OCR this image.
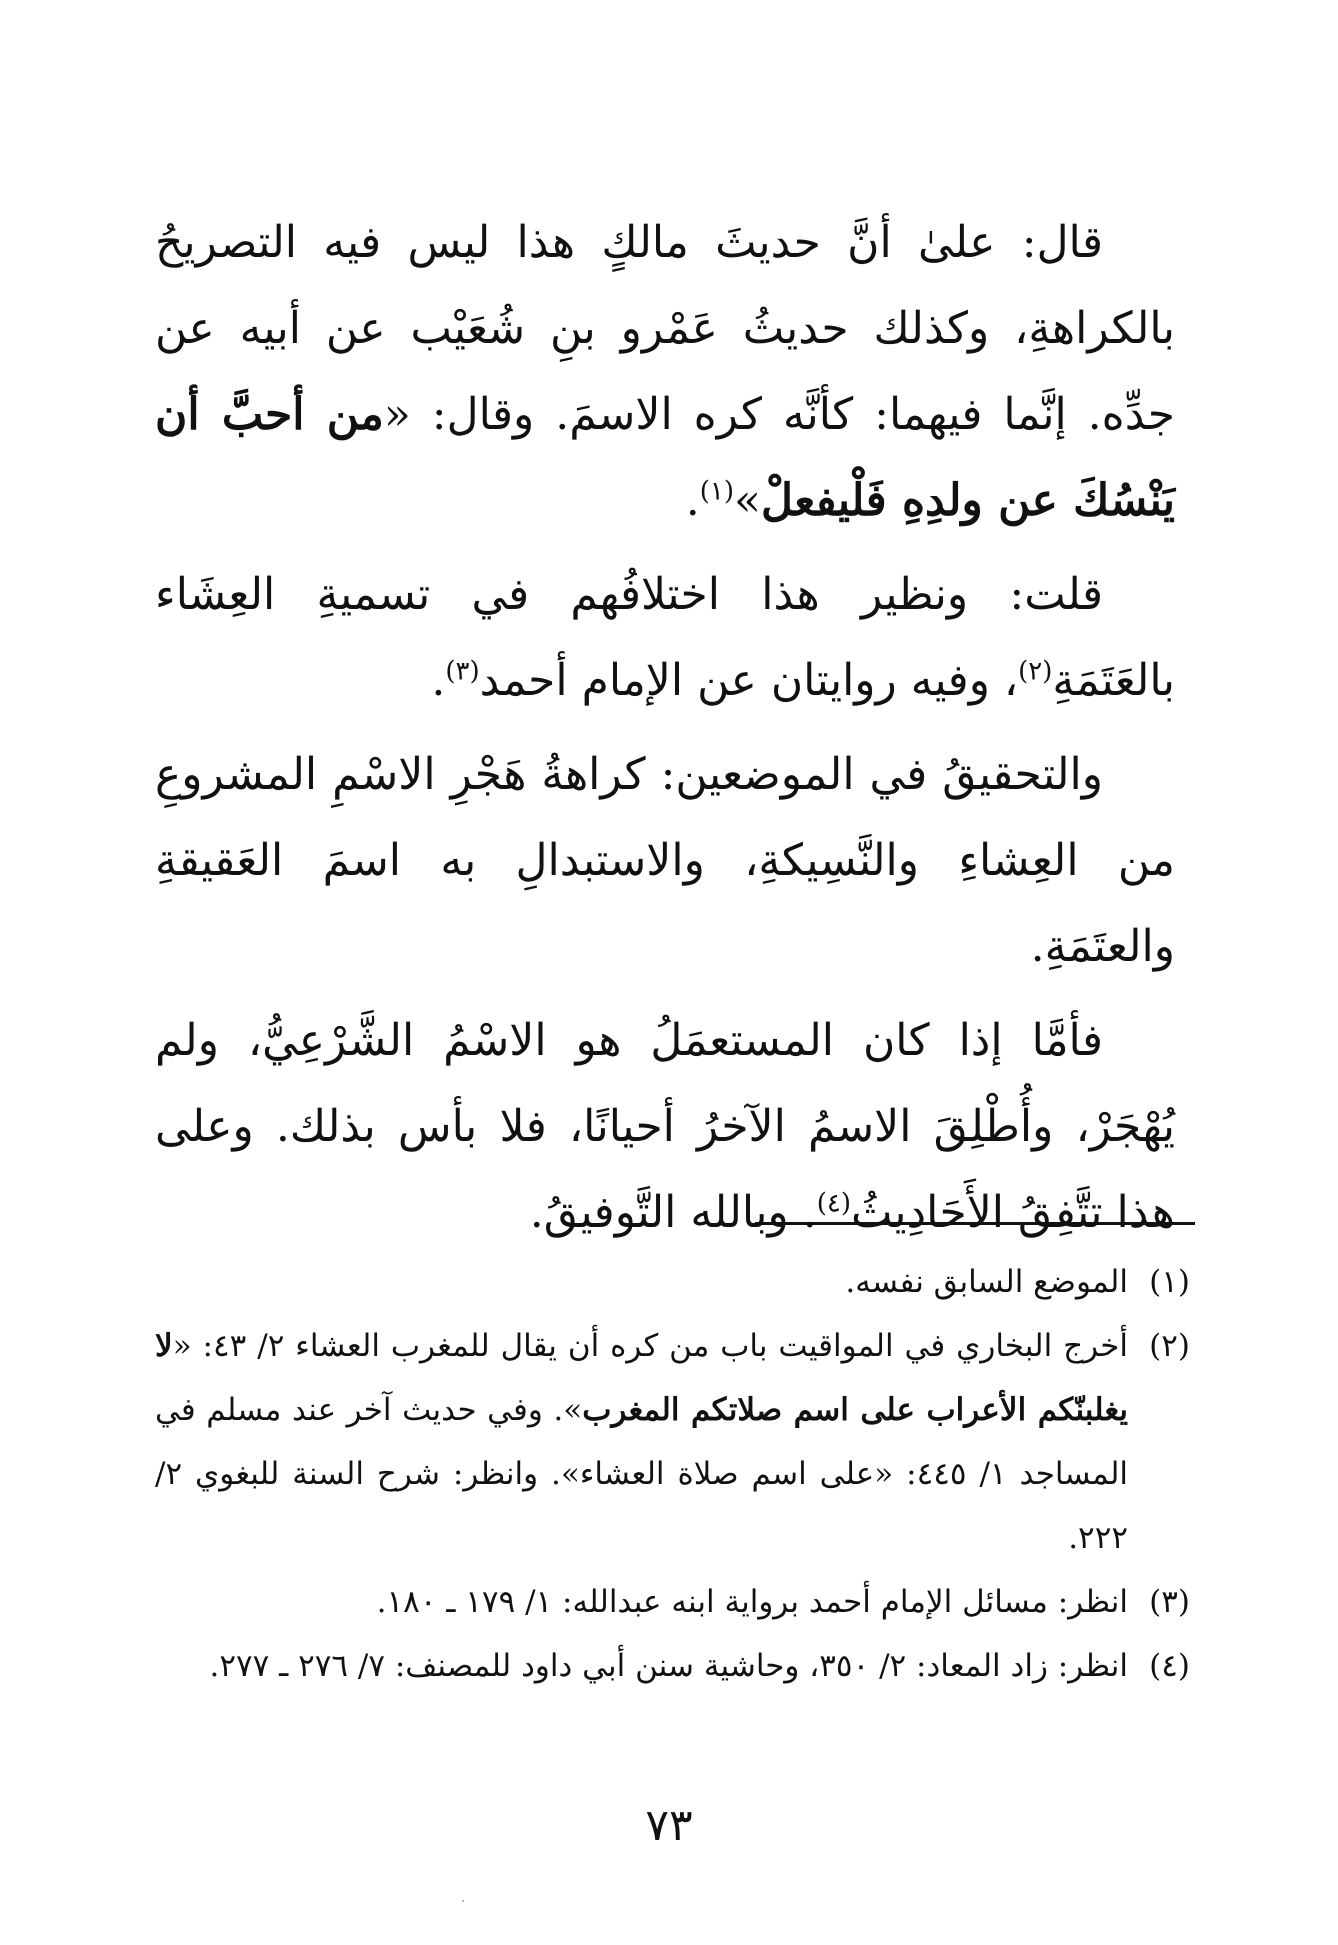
قال: علىٰ أنَّ حديثَ مالكٍ هذا ليس فيه التصريحُ بالكراهةِ، وكذلك حديثُ عَمْرو بنِ شُعَيْب عن أبيه عن جدِّه. إنَّما فيهما: كأنَّه كره الاسمَ. وقال: «من أحبَّ أن يَنْسُكَ عن ولدِهِ فَلْيفعلْ»$^{(١)}$.

قلت: ونظير هذا اختلافُهم في تسميةِ العِشَاء بالعَتَمَةِ$^{(٢)}$، وفيه روايتان عن الإمام أحمد$^{(٣)}$.

والتحقيقُ في الموضعين: كراهةُ هَجْرِ الاسْمِ المشروعِ من العِشاءِ والنَّسِيكةِ، والاستبدالِ به اسمَ العَقيقةِ والعتَمَةِ.

فأمَّا إذا كان المستعمَلُ هو الاسْمُ الشَّرْعِيُّ، ولم يُهْجَرْ، وأُطْلِقَ الاسمُ الآخرُ أحيانًا، فلا بأس بذلك. وعلى هذا تتَّفِقُ الأَحَادِيثُ$^{(٤)}$. وبالله التَّوفيقُ.

(١)
الموضع السابق نفسه.
(٢)
أخرج البخاري في المواقيت باب من كره أن يقال للمغرب العشاء ٢/ ٤٣: «لا يغلبنّكم الأعراب على اسم صلاتكم المغرب». وفي حديث آخر عند مسلم في المساجد ١/ ٤٤٥: «على اسم صلاة العشاء». وانظر: شرح السنة للبغوي ٢/ ٢٢٢.
(٣)
انظر: مسائل الإمام أحمد برواية ابنه عبدالله: ١/ ١٧٩ ـ ١٨٠.
(٤)
انظر: زاد المعاد: ٢/ ٣٥٠، وحاشية سنن أبي داود للمصنف: ٧/ ٢٧٦ ـ ٢٧٧.
٧٣
